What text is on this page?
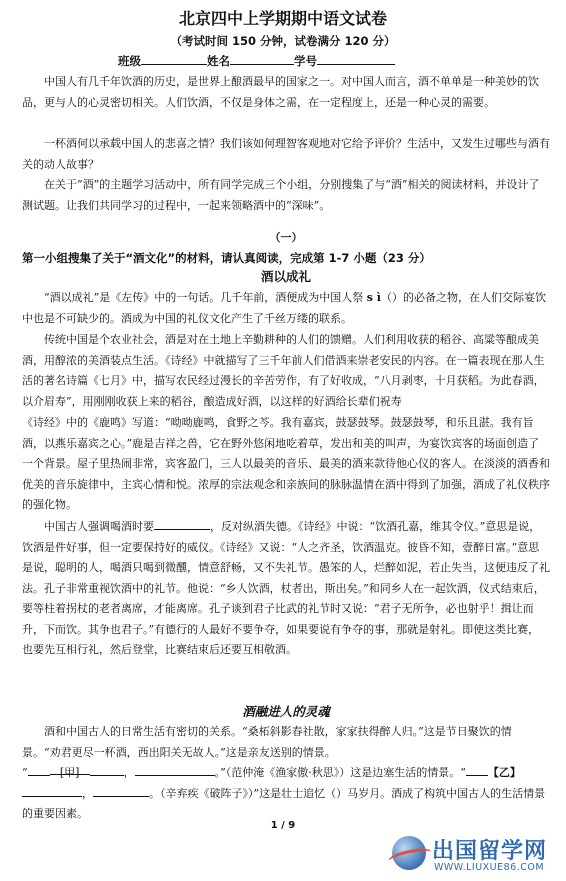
北京四中上学期期中语文试卷
（考试时间 150 分钟，试卷满分 120 分）
班级	姓名	学号

中国人有几千年饮酒的历史，是世界上酿酒最早的国家之一。对中国人而言，酒不单单是一种美妙的饮品，更与人的心灵密切相关。人们饮酒，不仅是身体之需，在一定程度上，还是一种心灵的需要。

一杯酒何以承载中国人的悲喜之情？我们该如何理智客观地对它给予评价？生活中，又发生过哪些与酒有关的动人故事？

在关于“酒”的主题学习活动中，所有同学完成三个小组，分别搜集了与“酒”相关的阅读材料，并设计了测试题。让我们共同学习的过程中，一起来领略酒中的“深味”。

（一）

第一小组搜集了关于“酒文化”的材料，请认真阅读，完成第 1-7 小题（23 分）

酒以成礼

“酒以成礼”是《左传》中的一句话。几千年前，酒便成为中国人祭 s ì（）的必备之物，在人们交际宴饮中也是不可缺少的。酒成为中国的礼仪文化产生了千丝万缕的联系。

传统中国是个农业社会，酒是对在土地上辛勤耕种的人们的馈赠。人们利用收获的稻谷、高粱等酿成美酒，用醇浓的美酒装点生活。《诗经》中就描写了三千年前人们借酒来崇老安民的内容。在一篇表现在那人生活的著名诗篇《七月》中，描写农民经过漫长的辛苦劳作，有了好收成，“八月剥枣，十月获稻。为此春酒，以介眉寿”，用刚刚收获上来的稻谷，酿造成好酒，以这样的好酒给长辈们祝寿

《诗经》中的《鹿鸣》写道：“呦呦鹿鸣，食野之芩。我有嘉宾，鼓瑟鼓琴。鼓瑟鼓琴，和乐且湛。我有旨酒，以燕乐嘉宾之心。”鹿是吉祥之兽，它在野外悠闲地吃着草，发出和美的叫声，为宴饮宾客的场面创造了一个背景。屋子里热闹非常，宾客盈门，三人以最美的音乐、最美的酒来款待他心仪的客人。在淡淡的酒香和优美的音乐旋律中，主宾心情和悦。浓厚的宗法观念和亲族间的脉脉温情在酒中得到了加强，酒成了礼仪秩序的强化物。

中国古人强调喝酒时要	，反对纵酒失德。《诗经》中说：“饮酒孔嘉，维其令仪。”意思是说，饮酒是件好事，但一定要保持好的威仪。《诗经》又说：“人之齐圣，饮酒温克。彼昏不知，壹醉日富。”意思是说，聪明的人，喝酒只喝到微醺，情意舒畅，又不失礼节。愚笨的人，烂醉如泥，若止失当，这便违反了礼法。孔子非常重视饮酒中的礼节。他说：“乡人饮酒，杖者出，斯出矣。”和同乡人在一起饮酒，仪式结束后，要等柱着拐杖的老者离席，才能离席。孔子谈到君子比武的礼节时又说：“君子无所争，必也射乎！揖让而升，下而饮。其争也君子。”有德行的人最好不要争夺，如果要说有争夺的事，那就是射礼。即使这类比赛，也要先互相行礼，然后登堂，比赛结束后还要互相敬酒。

酒融进人的灵魂

酒和中国古人的日常生活有密切的关系。“桑柘斜影春社散，家家扶得醉人归。”这是节日聚饮的情景。“劝君更尽一杯酒，西出阳关无故人。”这是亲友送别的情景。

“	[甲]	，	。”（范仲淹《渔家傲·秋思》）这是边塞生活的情景。“ 【乙】，	。（辛弃疾《破阵子》）”这是壮士追忆（）马岁月。酒成了构筑中国古人的生活情景的重要因素。

1 / 9
出国留学网
WWW.LIUXUE86.COM
